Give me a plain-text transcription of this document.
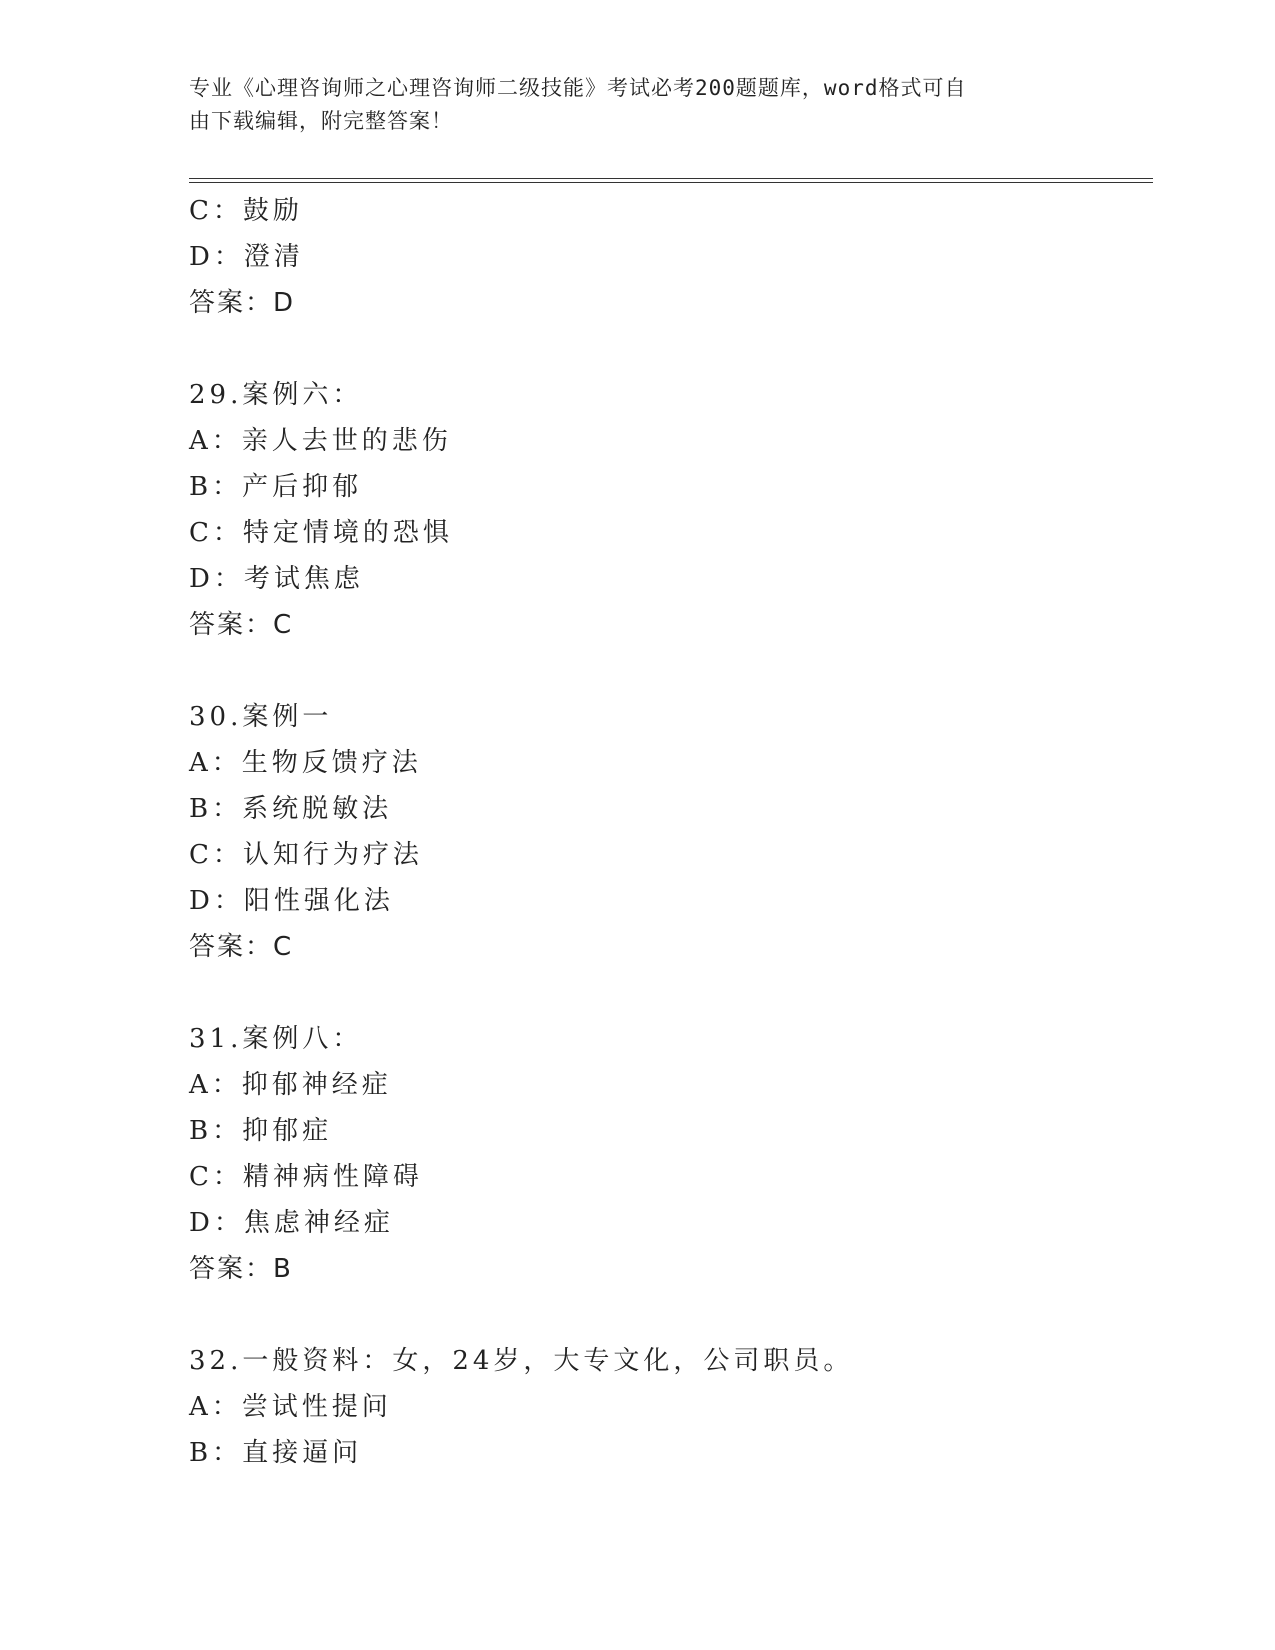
专业《心理咨询师之心理咨询师二级技能》考试必考200题题库，word格式可自
由下载编辑，附完整答案！
C：鼓励
D：澄清
答案：D
29.案例六：
A：亲人去世的悲伤
B：产后抑郁
C：特定情境的恐惧
D：考试焦虑
答案：C
30.案例一
A：生物反馈疗法
B：系统脱敏法
C：认知行为疗法
D：阳性强化法
答案：C
31.案例八：
A：抑郁神经症
B：抑郁症
C：精神病性障碍
D：焦虑神经症
答案：B
32.一般资料：女，24岁，大专文化，公司职员。
A：尝试性提问
B：直接逼问
